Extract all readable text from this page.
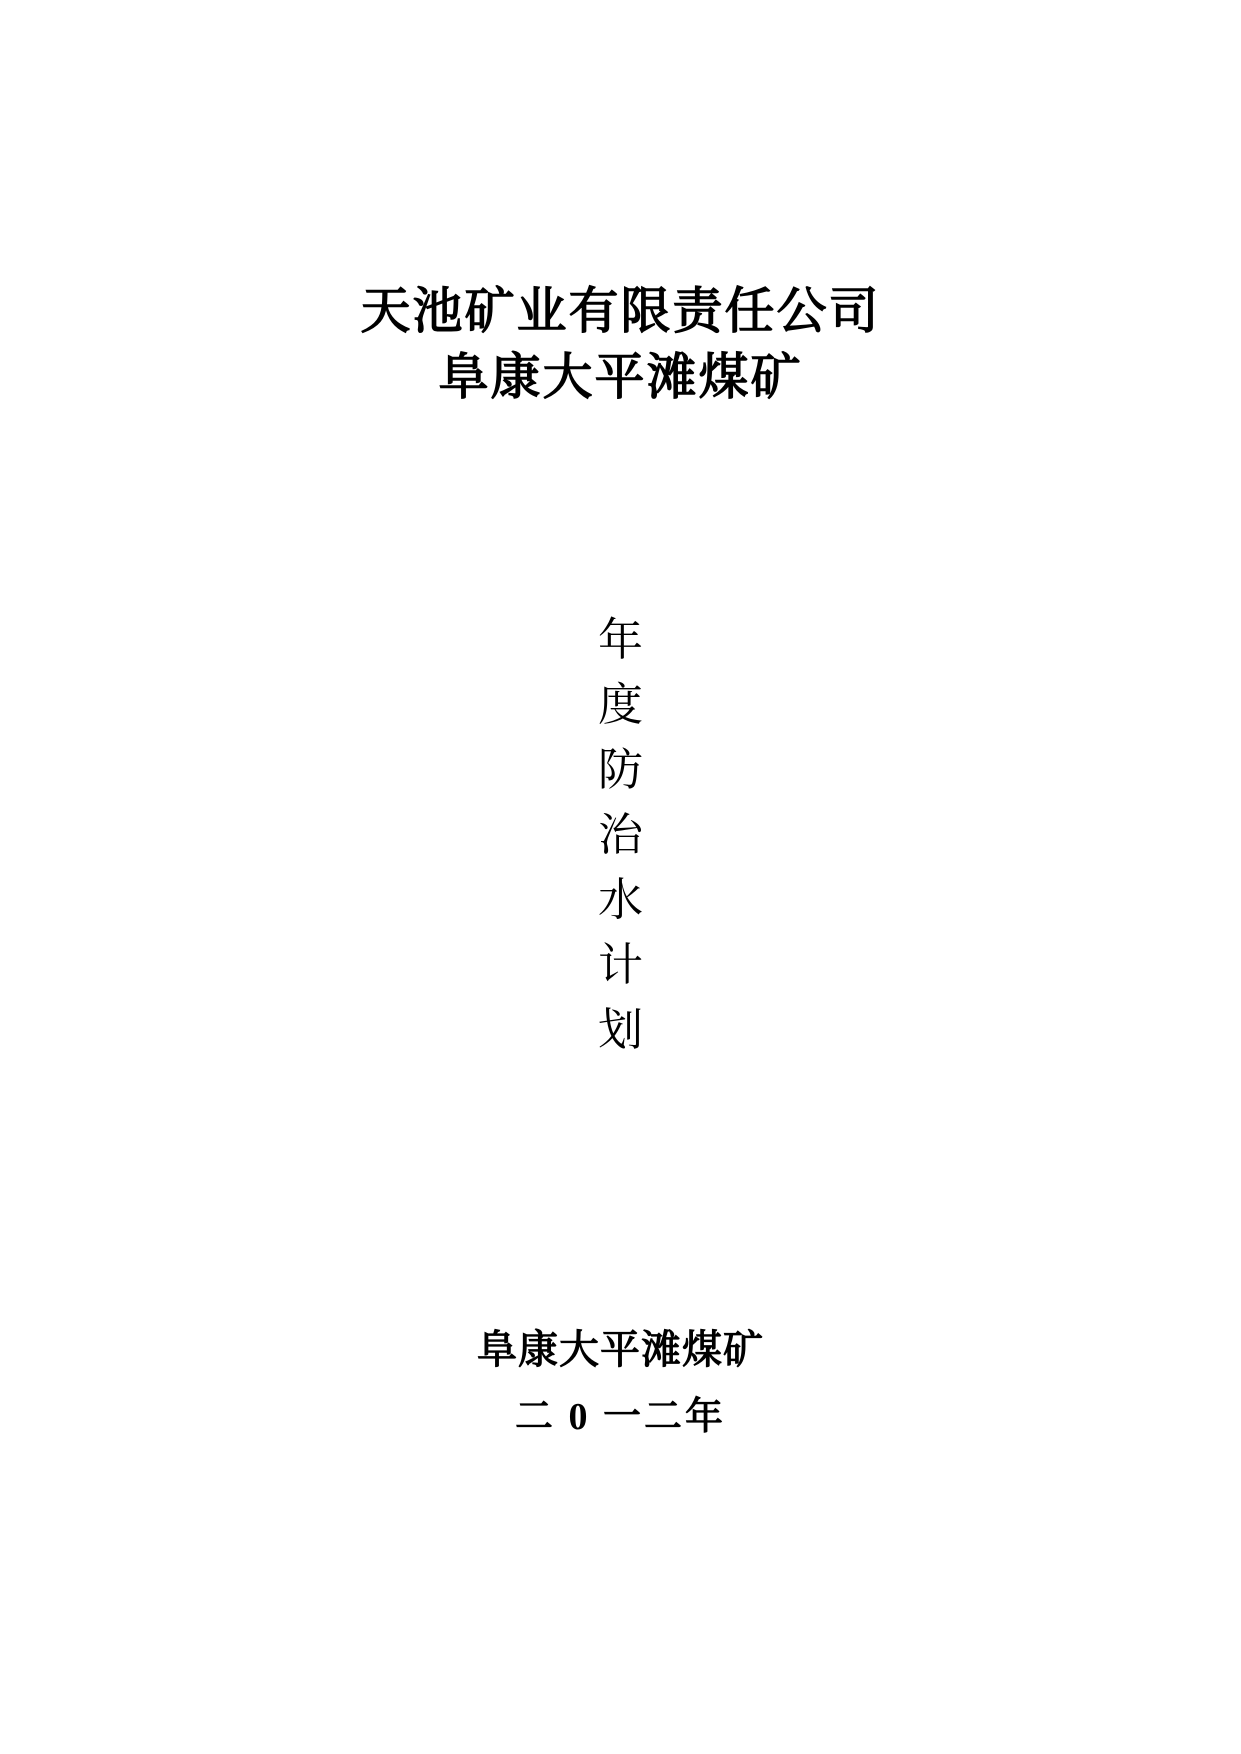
天池矿业有限责任公司
阜康大平滩煤矿
年
度
防
治
水
计
划
阜康大平滩煤矿
二 0 一二年
